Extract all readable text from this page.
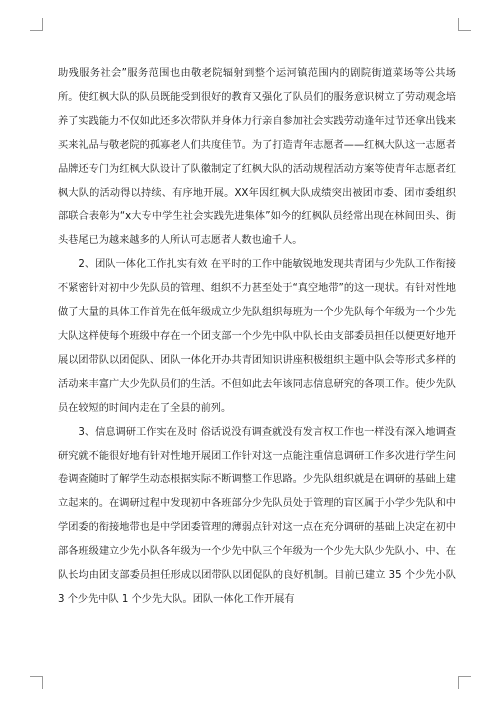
助残服务社会”服务范围也由敬老院辐射到整个运河镇范围内的剧院街道菜场等公共场所。使红枫大队的队员既能受到很好的教育又强化了队员们的服务意识树立了劳动观念培养了实践能力不仅如此还多次带队并身体力行亲自参加社会实践劳动逢年过节还拿出钱来买来礼品与敬老院的孤寡老人们共度佳节。为了打造青年志愿者——红枫大队这一志愿者品牌还专门为红枫大队设计了队徽制定了红枫大队的活动规程活动方案等使青年志愿者红枫大队的活动得以持续、有序地开展。XX年因红枫大队成绩突出被团市委、团市委组织部联合表彰为“x大专中学生社会实践先进集体”如今的红枫队员经常出现在林间田头、街头巷尾已为越来越多的人所认可志愿者人数也逾千人。

2、团队一体化工作扎实有效 在平时的工作中能敏锐地发现共青团与少先队工作衔接不紧密针对初中少先队员的管理、组织不力甚至处于“真空地带”的这一现状。有针对性地做了大量的具体工作首先在低年级成立少先队组织每班为一个少先队每个年级为一个少先大队这样使每个班级中存在一个团支部一个少先中队中队长由支部委员担任以便更好地开展以团带队以团促队、团队一体化开办共青团知识讲座积极组织主题中队会等形式多样的活动来丰富广大少先队员们的生活。不但如此去年该同志信息研究的各项工作。使少先队员在较短的时间内走在了全县的前列。

3、信息调研工作实在及时 俗话说没有调查就没有发言权工作也一样没有深入地调查研究就不能很好地有针对性地开展团工作针对这一点能注重信息调研工作多次进行学生问卷调查随时了解学生动态根据实际不断调整工作思路。少先队组织就是在调研的基础上建立起来的。在调研过程中发现初中各班部分少先队员处于管理的盲区属于小学少先队和中学团委的衔接地带也是中学团委管理的薄弱点针对这一点在充分调研的基础上决定在初中部各班级建立少先小队各年级为一个少先中队三个年级为一个少先大队少先队小、中、在队长均由团支部委员担任形成以团带队以团促队的良好机制。目前已建立 35 个少先小队 3 个少先中队 1 个少先大队。团队一体化工作开展有
